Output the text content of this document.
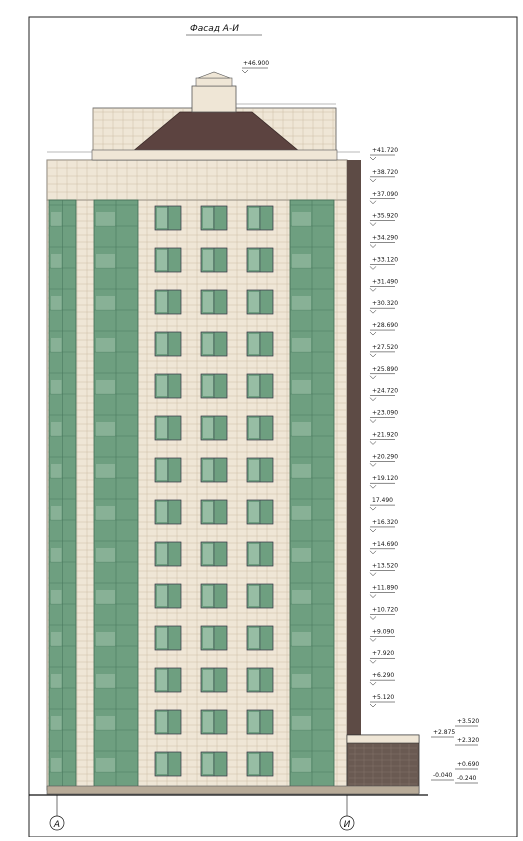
Фасад А-И
А	И
+46.900
+41.720
+38.720
+37.090
+35.920
+34.290
+33.120
+31.490
+30.320
+28.690
+27.520
+25.890
+24.720
+23.090
+21.920
+20.290
+19.120
17.490
+16.320
+14.690
+13.520
+11.890
+10.720
+9.090
+7.920
+6.290
+5.120
+3.520
+2.875
+2.320
+0.690
-0.040 -0.240
